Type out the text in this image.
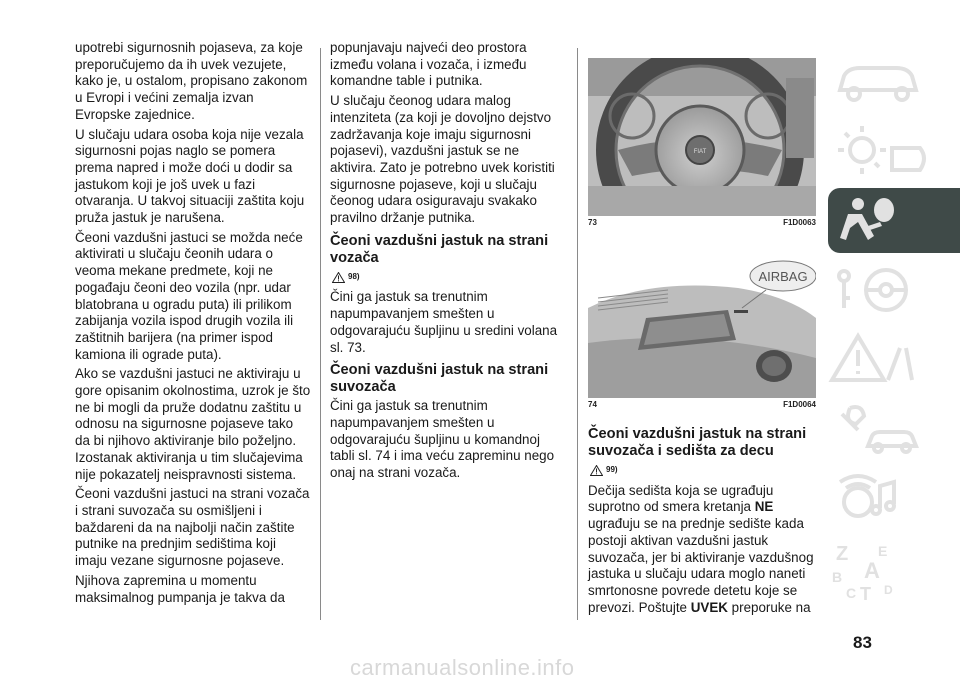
upotrebi sigurnosnih pojaseva, za koje preporučujemo da ih uvek vezujete, kako je, u ostalom, propisano zakonom u Evropi i većini zemalja izvan Evropske zajednice.

U slučaju udara osoba koja nije vezala sigurnosni pojas naglo se pomera prema napred i može doći u dodir sa jastukom koji je još uvek u fazi otvaranja. U takvoj situaciji zaštita koju pruža jastuk je narušena.

Čeoni vazdušni jastuci se možda neće aktivirati u slučaju čeonih udara o veoma mekane predmete, koji ne pogađaju čeoni deo vozila (npr. udar blatobrana u ogradu puta) ili prilikom zabijanja vozila ispod drugih vozila ili zaštitnih barijera (na primer ispod kamiona ili ograde puta).

Ako se vazdušni jastuci ne aktiviraju u gore opisanim okolnostima, uzrok je što ne bi mogli da pruže dodatnu zaštitu u odnosu na sigurnosne pojaseve tako da bi njihovo aktiviranje bilo poželjno. Izostanak aktiviranja u tim slučajevima nije pokazatelj neispravnosti sistema.

Čeoni vazdušni jastuci na strani vozača i strani suvozača su osmišljeni i baždareni da na najbolji način zaštite putnike na prednjim sedištima koji imaju vezane sigurnosne pojaseve.

Njihova zapremina u momentu maksimalnog pumpanja je takva da

popunjavaju najveći deo prostora između volana i vozača, i između komandne table i putnika.

U slučaju čeonog udara malog intenziteta (za koji je dovoljno dejstvo zadržavanja koje imaju sigurnosni pojasevi), vazdušni jastuk se ne aktivira. Zato je potrebno uvek koristiti sigurnosne pojaseve, koji u slučaju čeonog udara osiguravaju svakako pravilno držanje putnika.

Čeoni vazdušni jastuk na strani vozača
98)

Čini ga jastuk sa trenutnim napumpavanjem smešten u odgovarajuću šupljinu u sredini volana sl. 73.

Čeoni vazdušni jastuk na strani suvozača

Čini ga jastuk sa trenutnim napumpavanjem smešten u odgovarajuću šupljinu u komandnoj tabli sl. 74 i ima veću zapreminu nego onaj na strani vozača.

FIAT
73	F1D0063
AIRBAG
74	F1D0064
Čeoni vazdušni jastuk na strani suvozača i sedišta za decu
99)

Dečija sedišta koja se ugrađuju suprotno od smera kretanja NE ugrađuju se na prednje sedište kada postoji aktivan vazdušni jastuk suvozača, jer bi aktiviranje vazdušnog jastuka u slučaju udara moglo naneti smrtonosne povrede detetu koje se prevozi. Poštujte UVEK preporuke na

Z E
B A
C T D
83
carmanualsonline.info
